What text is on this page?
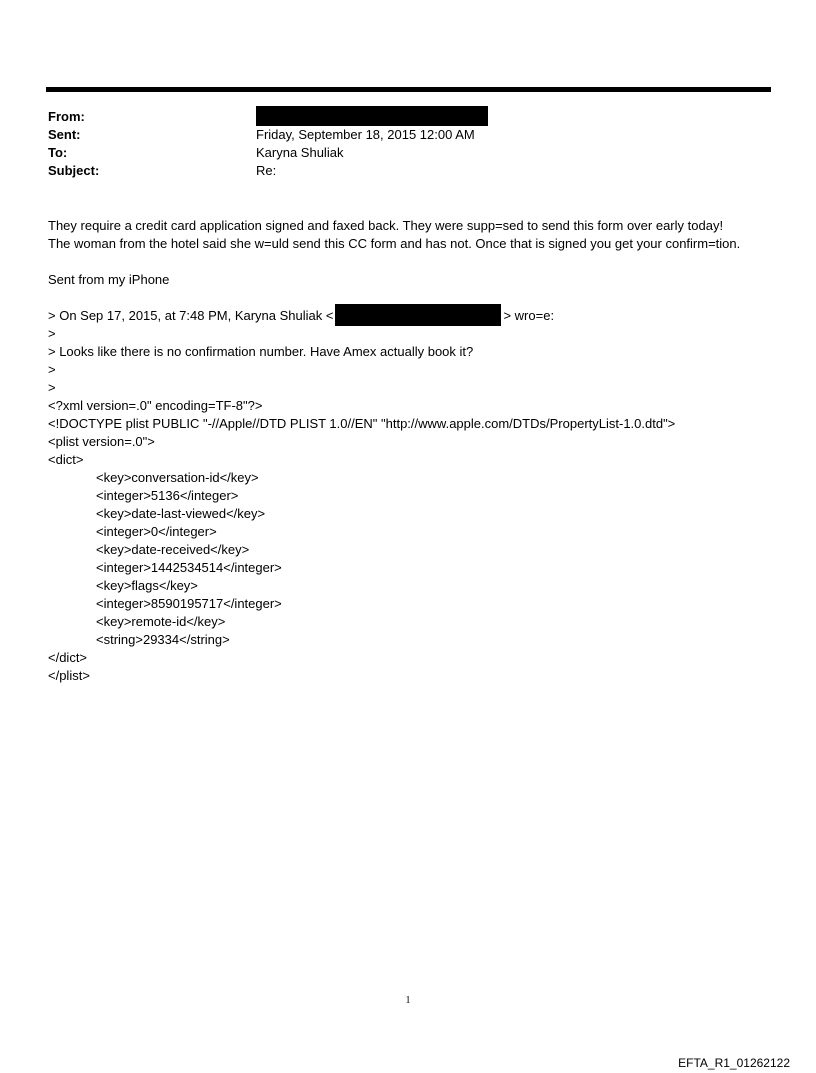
From:
Sent:	Friday, September 18, 2015 12:00 AM
To:	Karyna Shuliak
Subject:	Re:
They require a credit card application signed and faxed back. They were supp=sed to send this form over early today!
The woman from the hotel said she w=uld send this CC form and has not. Once that is signed you get your confirm=tion.
Sent from my iPhone
> On Sep 17, 2015, at 7:48 PM, Karyna Shuliak <	> wro=e:
>
> Looks like there is no confirmation number. Have Amex actually book it?
>
>
<?xml version=.0" encoding=TF-8"?>
<!DOCTYPE plist PUBLIC "-//Apple//DTD PLIST 1.0//EN" "http://www.apple.com/DTDs/PropertyList-1.0.dtd">
<plist version=.0">
<dict>
<key>conversation-id</key>
<integer>5136</integer>
<key>date-last-viewed</key>
<integer>0</integer>
<key>date-received</key>
<integer>1442534514</integer>
<key>flags</key>
<integer>8590195717</integer>
<key>remote-id</key>
<string>29334</string>
</dict>
</plist>
1
EFTA_R1_01262122
